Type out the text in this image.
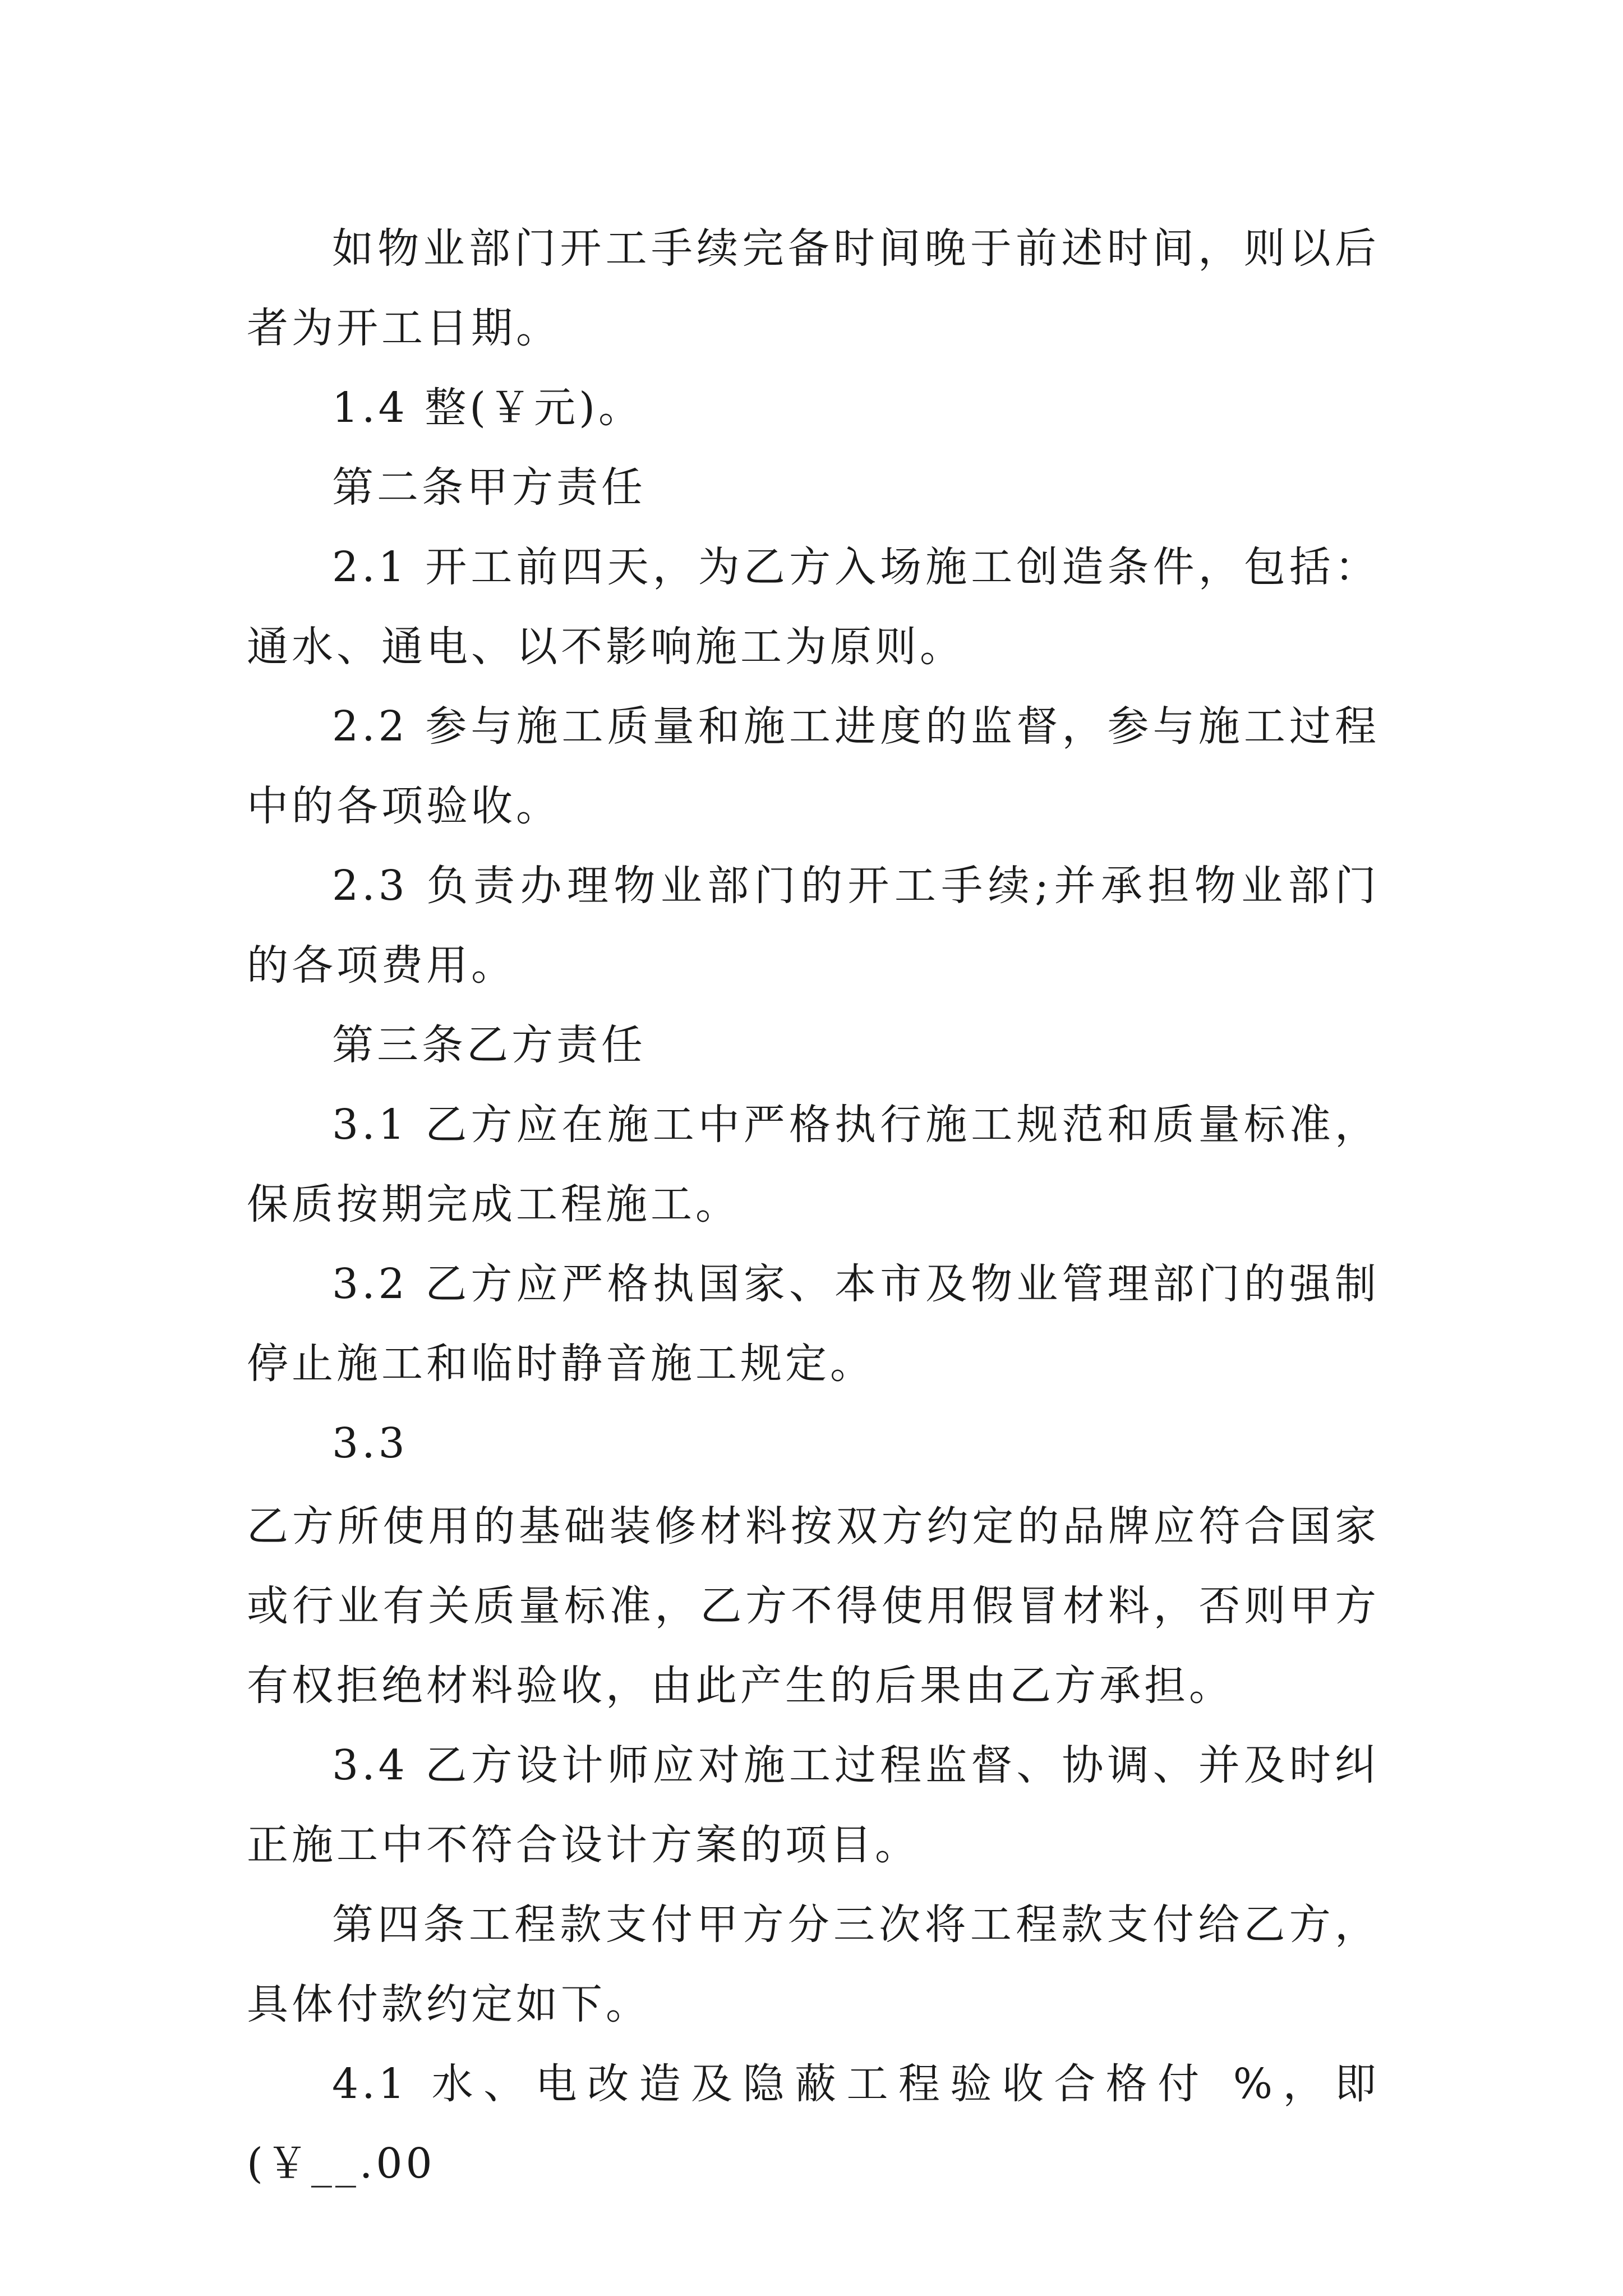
如物业部门开工手续完备时间晚于前述时间，则以后者为开工日期。

1.4 整(￥元)。

第二条甲方责任

2.1 开工前四天，为乙方入场施工创造条件，包括：通水、通电、以不影响施工为原则。

2.2 参与施工质量和施工进度的监督，参与施工过程中的各项验收。

2.3 负责办理物业部门的开工手续;并承担物业部门的各项费用。

第三条乙方责任

3.1 乙方应在施工中严格执行施工规范和质量标准，保质按期完成工程施工。

3.2 乙方应严格执国家、本市及物业管理部门的强制停止施工和临时静音施工规定。

3.3

乙方所使用的基础装修材料按双方约定的品牌应符合国家或行业有关质量标准，乙方不得使用假冒材料，否则甲方有权拒绝材料验收，由此产生的后果由乙方承担。

3.4 乙方设计师应对施工过程监督、协调、并及时纠正施工中不符合设计方案的项目。

第四条工程款支付甲方分三次将工程款支付给乙方，具体付款约定如下。

4.1 水、电改造及隐蔽工程验收合格付 %，即(￥__.00
